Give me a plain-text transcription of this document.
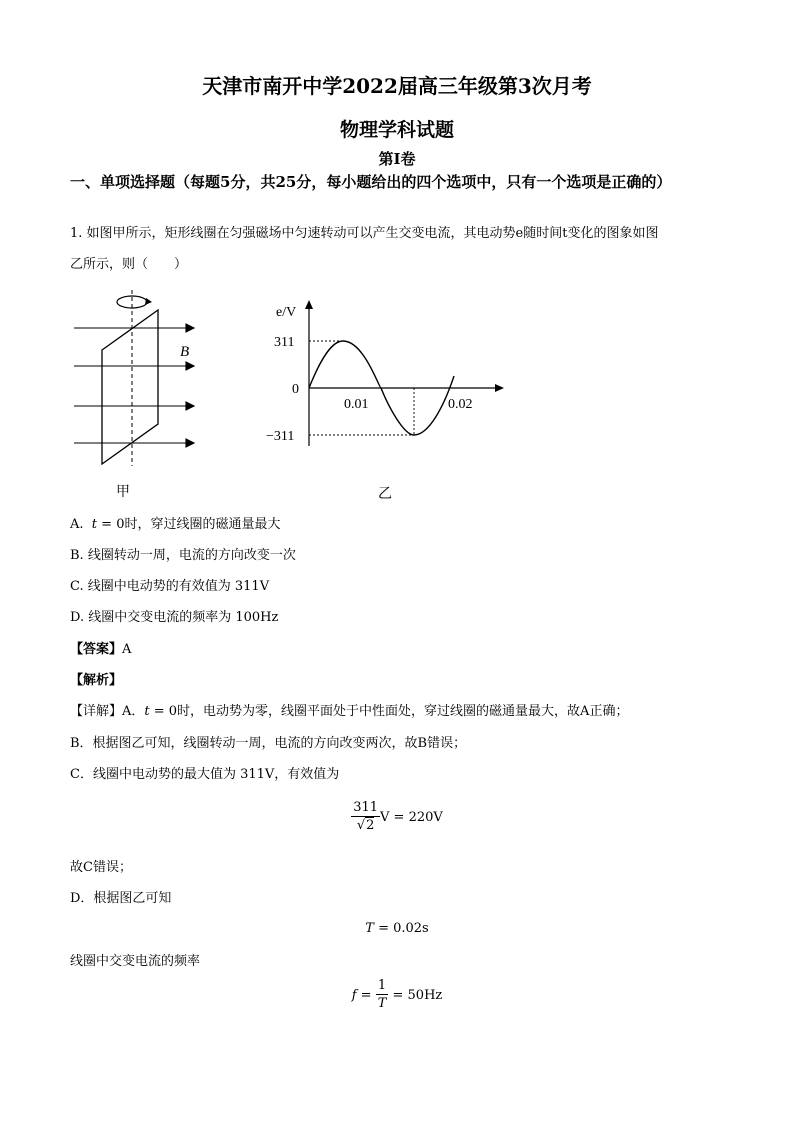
天津市南开中学2022届高三年级第3次月考
物理学科试题
第I卷
一、单项选择题（每题5分，共25分，每小题给出的四个选项中，只有一个选项是正确的）
1. 如图甲所示，矩形线圈在匀强磁场中匀速转动可以产生交变电流，其电动势e随时间t变化的图象如图
乙所示，则（　　）
B
甲
e/V
311
0
−311
0.01	0.02
乙
A. t = 0时，穿过线圈的磁通量最大
B. 线圈转动一周，电流的方向改变一次
C. 线圈中电动势的有效值为 311V
D. 线圈中交变电流的频率为 100Hz
【答案】A
【解析】
【详解】A．t = 0时，电动势为零，线圈平面处于中性面处，穿过线圈的磁通量最大，故A正确；
B．根据图乙可知，线圈转动一周，电流的方向改变两次，故B错误；
C．线圈中电动势的最大值为 311V，有效值为
$\frac{311}{√2}$ V = 220V
故C错误；
D．根据图乙可知
T = 0.02s
线圈中交变电流的频率
$f = \frac{1}{T} = 50Hz$
